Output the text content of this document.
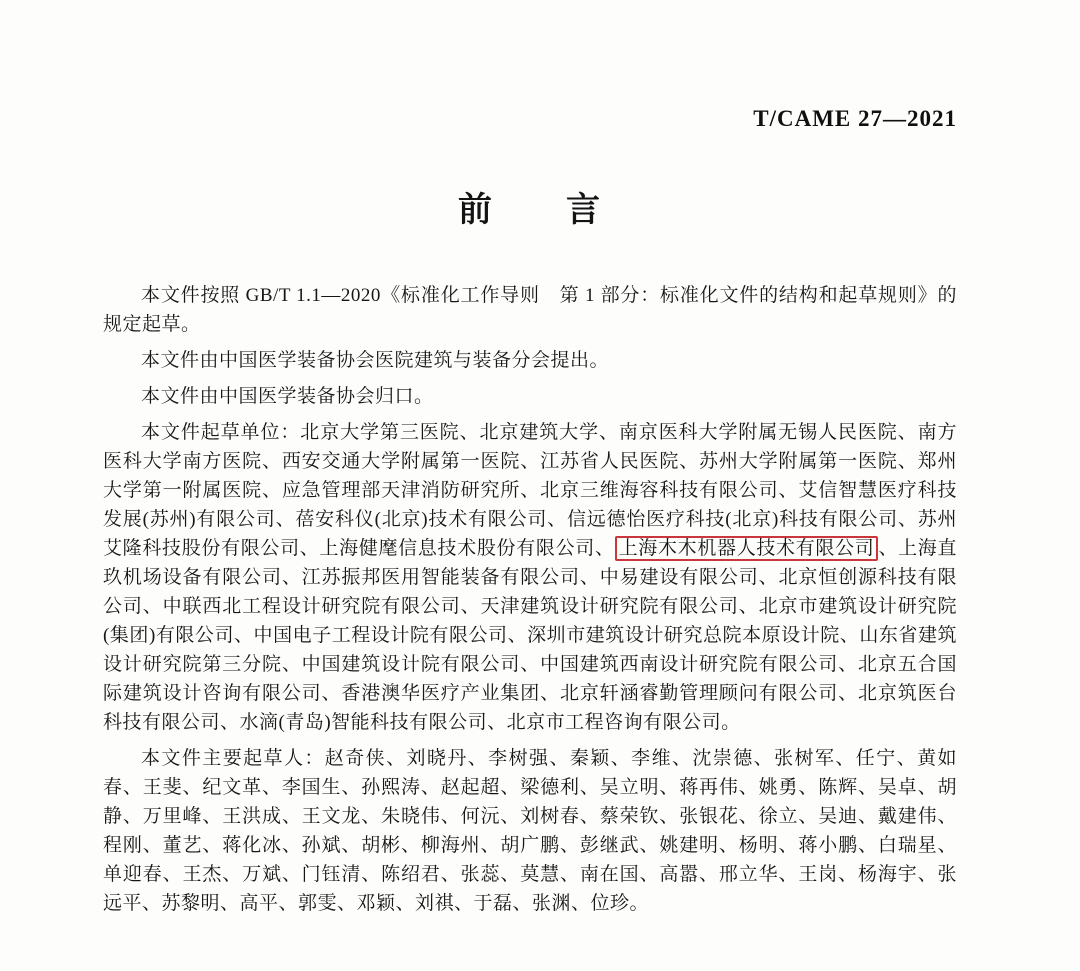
T/CAME 27—2021
前　　言

本文件按照 GB/T 1.1—2020《标准化工作导则　第 1 部分：标准化文件的结构和起草规则》的规定起草。

本文件由中国医学装备协会医院建筑与装备分会提出。

本文件由中国医学装备协会归口。

本文件起草单位：北京大学第三医院、北京建筑大学、南京医科大学附属无锡人民医院、南方医科大学南方医院、西安交通大学附属第一医院、江苏省人民医院、苏州大学附属第一医院、郑州大学第一附属医院、应急管理部天津消防研究所、北京三维海容科技有限公司、艾信智慧医疗科技发展(苏州)有限公司、蓓安科仪(北京)技术有限公司、信远德怡医疗科技(北京)科技有限公司、苏州艾隆科技股份有限公司、上海健麾信息技术股份有限公司、 上海木木机器人技术有限公司 、上海直玖机场设备有限公司、江苏振邦医用智能装备有限公司、中易建设有限公司、北京恒创源科技有限公司、中联西北工程设计研究院有限公司、天津建筑设计研究院有限公司、北京市建筑设计研究院(集团)有限公司、中国电子工程设计院有限公司、深圳市建筑设计研究总院本原设计院、山东省建筑设计研究院第三分院、中国建筑设计院有限公司、中国建筑西南设计研究院有限公司、北京五合国际建筑设计咨询有限公司、香港澳华医疗产业集团、北京轩涵睿勤管理顾问有限公司、北京筑医台科技有限公司、水滴(青岛)智能科技有限公司、北京市工程咨询有限公司。

本文件主要起草人：赵奇侠、刘晓丹、李树强、秦颖、李维、沈崇德、张树军、任宁、黄如春、王斐、纪文革、李国生、孙熙涛、赵起超、梁德利、吴立明、蒋再伟、姚勇、陈辉、吴卓、胡静、万里峰、王洪成、王文龙、朱晓伟、何沅、刘树春、蔡荣钦、张银花、徐立、吴迪、戴建伟、程刚、董艺、蒋化冰、孙斌、胡彬、柳海州、胡广鹏、彭继武、姚建明、杨明、蒋小鹏、白瑞星、单迎春、王杰、万斌、门钰清、陈绍君、张蕊、莫慧、南在国、高嚣、邢立华、王岗、杨海宇、张远平、苏黎明、高平、郭雯、邓颖、刘祺、于磊、张渊、位珍。
